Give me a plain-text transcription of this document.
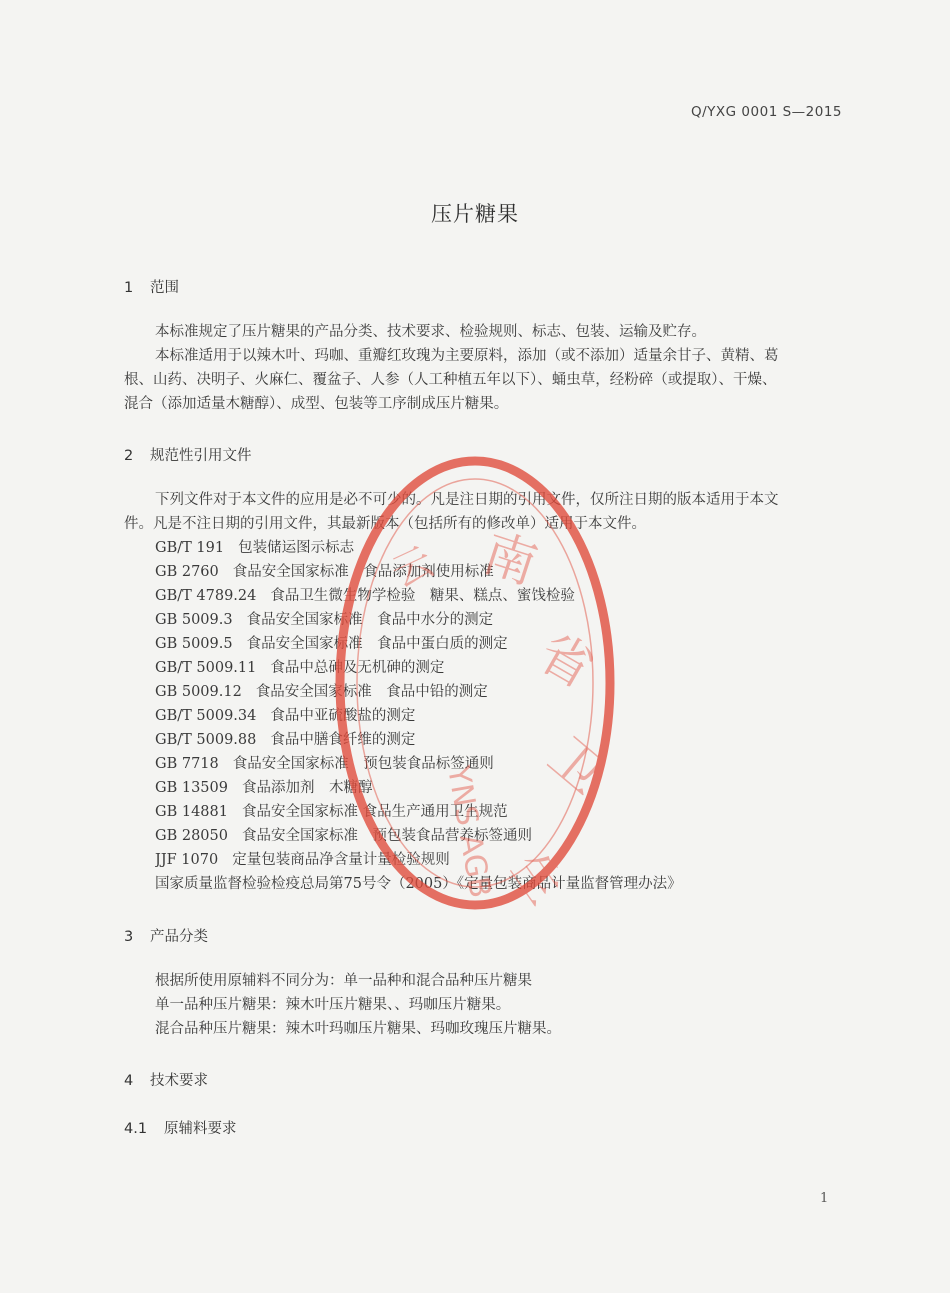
Q/YXG 0001 S—2015
压片糖果
1 范围
本标准规定了压片糖果的产品分类、技术要求、检验规则、标志、包装、运输及贮存。
本标准适用于以辣木叶、玛咖、重瓣红玫瑰为主要原料，添加（或不添加）适量余甘子、黄精、葛
根、山药、决明子、火麻仁、覆盆子、人参（人工种植五年以下）、蛹虫草，经粉碎（或提取）、干燥、
混合（添加适量木糖醇）、成型、包装等工序制成压片糖果。
2 规范性引用文件
下列文件对于本文件的应用是必不可少的。凡是注日期的引用文件，仅所注日期的版本适用于本文
件。凡是不注日期的引用文件，其最新版本（包括所有的修改单）适用于本文件。
GB/T 191 包装储运图示标志
GB 2760 食品安全国家标准　食品添加剂使用标准
GB/T 4789.24 食品卫生微生物学检验　糖果、糕点、蜜饯检验
GB 5009.3 食品安全国家标准　食品中水分的测定
GB 5009.5 食品安全国家标准　食品中蛋白质的测定
GB/T 5009.11 食品中总砷及无机砷的测定
GB 5009.12 食品安全国家标准　食品中铅的测定
GB/T 5009.34 食品中亚硫酸盐的测定
GB/T 5009.88 食品中膳食纤维的测定
GB 7718 食品安全国家标准　预包装食品标签通则
GB 13509 食品添加剂　木糖醇
GB 14881 食品安全国家标准 食品生产通用卫生规范
GB 28050 食品安全国家标准　预包装食品营养标签通则
JJF 1070 定量包装商品净含量计量检验规则
国家质量监督检验检疫总局第75号令（2005）《定量包装商品计量监督管理办法》
3 产品分类
根据所使用原辅料不同分为：单一品种和混合品种压片糖果
单一品种压片糖果：辣木叶压片糖果、、玛咖压片糖果。
混合品种压片糖果：辣木叶玛咖压片糖果、玛咖玫瑰压片糖果。
4 技术要求
4.1 原辅料要求
1
南
省
卫
生
云
YNS AGB
